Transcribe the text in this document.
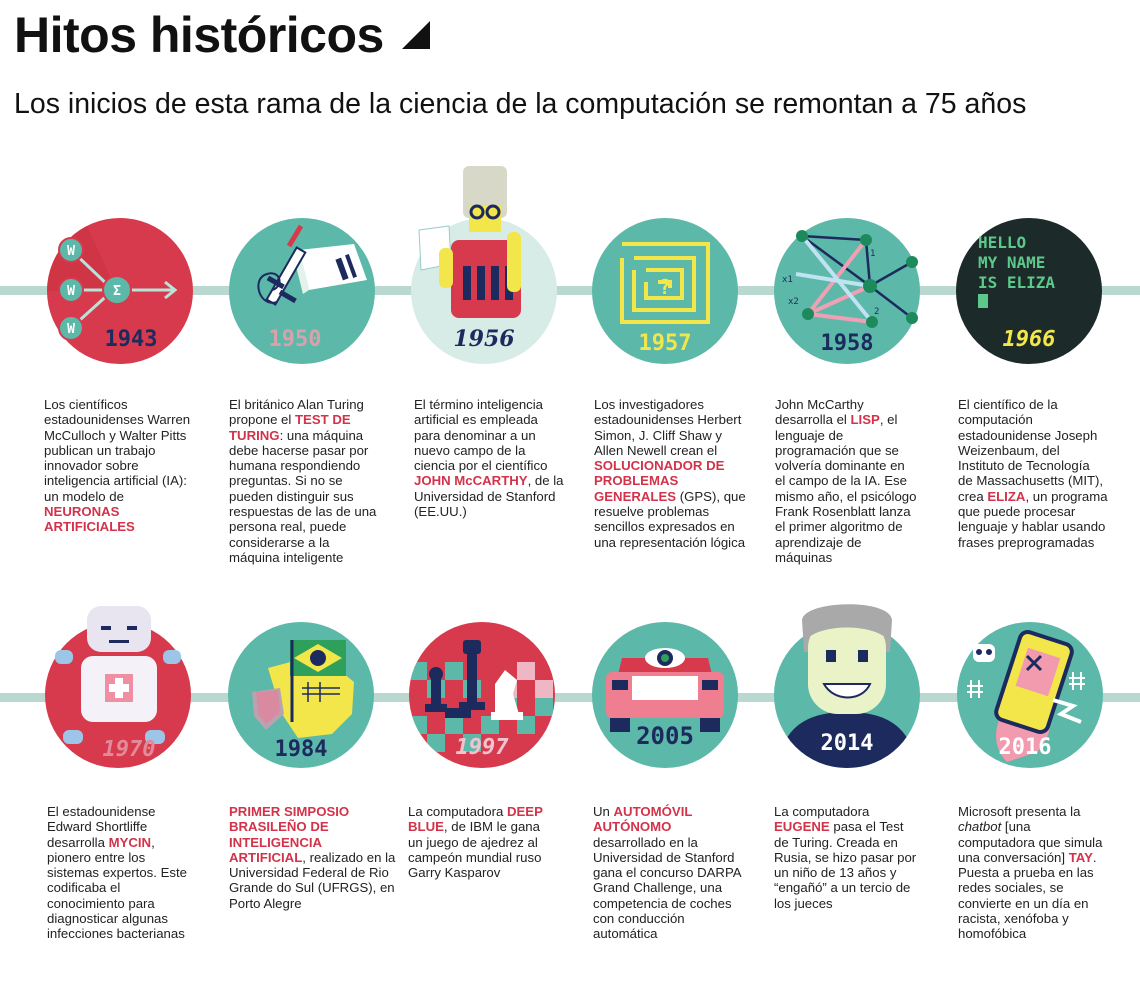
Hitos históricos
Los inicios de esta rama de la ciencia de la computación se remontan a 75 años
W
W
W
Σ
1943
Los científicos estadounidenses Warren McCulloch y Walter Pitts publican un trabajo innovador sobre inteligencia artificial (IA): un modelo de NEURONAS ARTIFICIALES
1950
El británico Alan Turing propone el TEST DE TURING: una máquina debe hacerse pasar por humana respondiendo preguntas. Si no se pueden distinguir sus respuestas de las de una persona real, puede considerarse a la máquina inteligente
1956
El término inteligencia artificial es empleada para denominar a un nuevo campo de la ciencia por el científico JOHN McCARTHY, de la Universidad de Stanford (EE.UU.)
?
1957
Los investigadores estadounidenses Herbert Simon, J. Cliff Shaw y Allen Newell crean el SOLUCIONADOR DE PROBLEMAS GENERALES (GPS), que resuelve problemas sencillos expresados en una representación lógica
x1
x2
1
2
1958
John McCarthy desarrolla el LISP, el lenguaje de programación que se volvería dominante en el campo de la IA. Ese mismo año, el psicólogo Frank Rosenblatt lanza el primer algoritmo de aprendizaje de máquinas
HELLO
MY NAME
IS ELIZA
1966
El científico de la computación estadounidense Joseph Weizenbaum, del Instituto de Tecnología de Massachusetts (MIT), crea ELIZA, un programa que puede procesar lenguaje y hablar usando frases preprogramadas
1970
El estadounidense Edward Shortliffe desarrolla MYCIN, pionero entre los sistemas expertos. Este codificaba el conocimiento para diagnosticar algunas infecciones bacterianas
1984
PRIMER SIMPOSIO BRASILEÑO DE INTELIGENCIA ARTIFICIAL, realizado en la Universidad Federal de Rio Grande do Sul (UFRGS), en Porto Alegre
1997
La computadora DEEP BLUE, de IBM le gana un juego de ajedrez al campeón mundial ruso Garry Kasparov
2005
Un AUTOMÓVIL AUTÓNOMO desarrollado en la Universidad de Stanford gana el concurso DARPA Grand Challenge, una competencia de coches con conducción automática
2014
La computadora EUGENE pasa el Test de Turing. Creada en Rusia, se hizo pasar por un niño de 13 años y “engañó” a un tercio de los jueces
2016
Microsoft presenta la chatbot [una computadora que simula una conversación] TAY. Puesta a prueba en las redes sociales, se convierte en un día en racista, xenófoba y homofóbica
